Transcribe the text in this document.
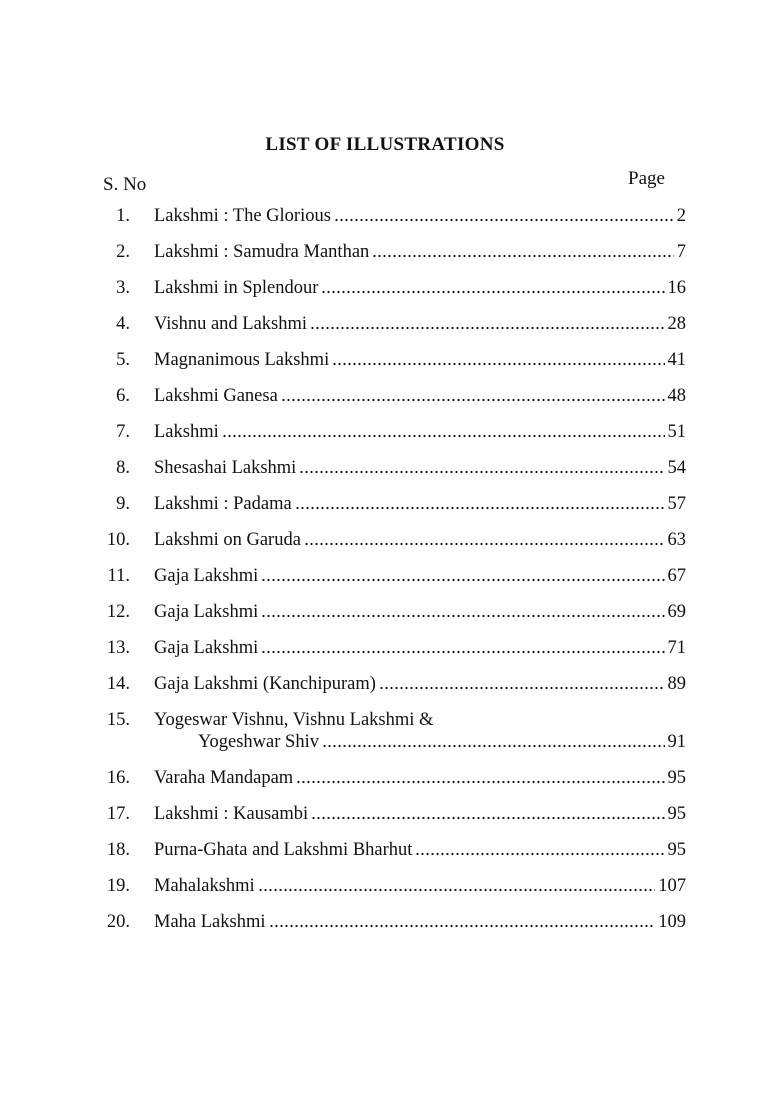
LIST OF ILLUSTRATIONS
S. No	Page
1. Lakshmi : The Glorious	2
2. Lakshmi : Samudra Manthan	7
3. Lakshmi in Splendour	16
4. Vishnu and Lakshmi	28
5. Magnanimous Lakshmi	41
6. Lakshmi Ganesa	48
7. Lakshmi	51
8. Shesashai Lakshmi	54
9. Lakshmi : Padama	57
10. Lakshmi on Garuda	63
11. Gaja Lakshmi	67
12. Gaja Lakshmi	69
13. Gaja Lakshmi	71
14. Gaja Lakshmi (Kanchipuram)	89
15. Yogeswar Vishnu, Vishnu Lakshmi &
Yogeshwar Shiv	91
16. Varaha Mandapam	95
17. Lakshmi : Kausambi	95
18. Purna-Ghata and Lakshmi Bharhut	95
19. Mahalakshmi	107
20. Maha Lakshmi	109
